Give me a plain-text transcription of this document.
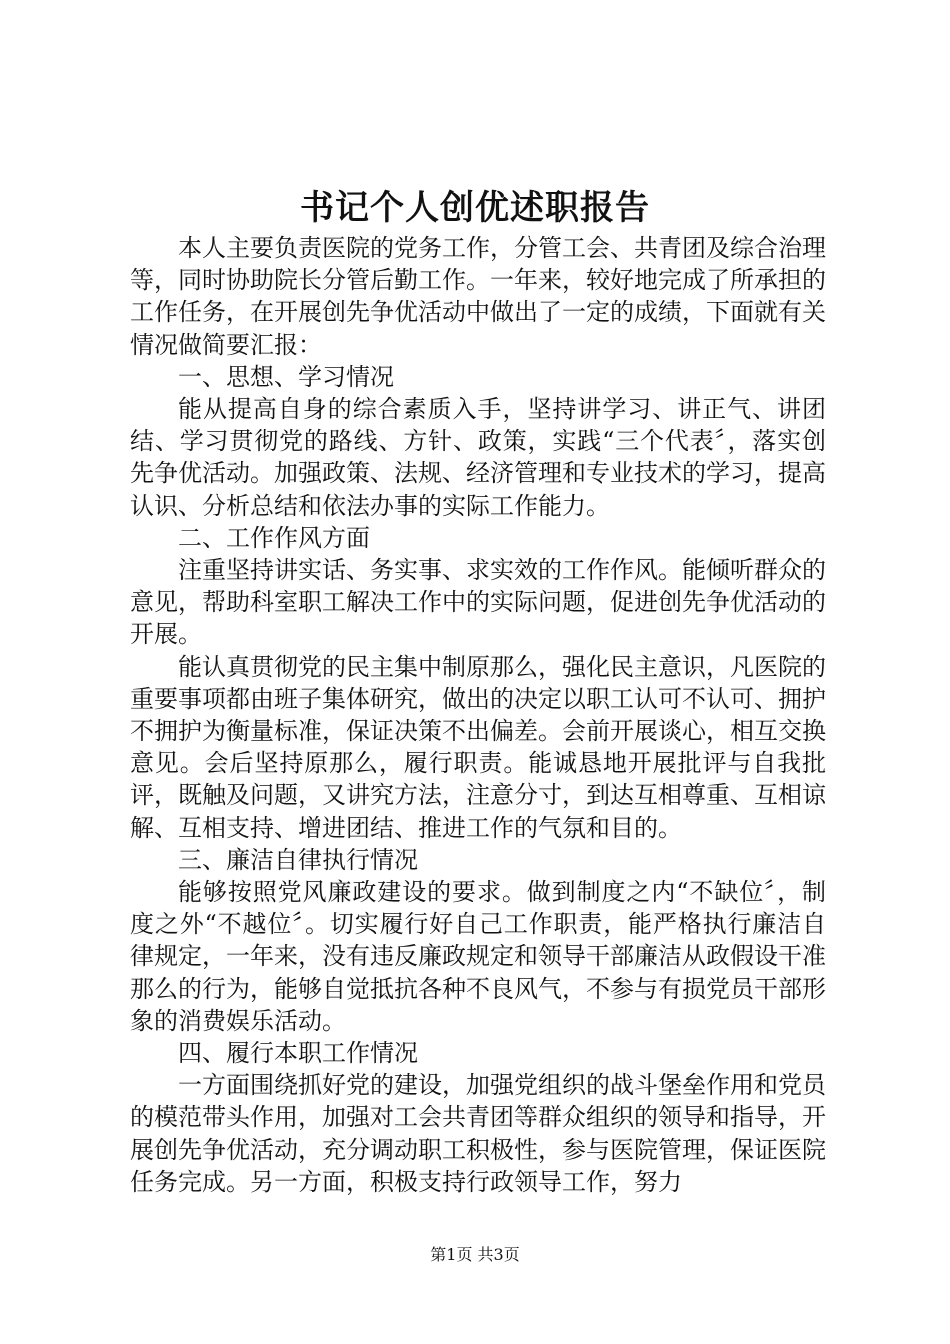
书记个人创优述职报告

本人主要负责医院的党务工作，分管工会、共青团及综合治理等，同时协助院长分管后勤工作。一年来，较好地完成了所承担的工作任务，在开展创先争优活动中做出了一定的成绩，下面就有关情况做简要汇报：

一、思想、学习情况

能从提高自身的综合素质入手，坚持讲学习、讲正气、讲团结、学习贯彻党的路线、方针、政策，实践“三个代表〞，落实创先争优活动。加强政策、法规、经济管理和专业技术的学习，提高认识、分析总结和依法办事的实际工作能力。

二、工作作风方面

注重坚持讲实话、务实事、求实效的工作作风。能倾听群众的意见，帮助科室职工解决工作中的实际问题，促进创先争优活动的开展。

能认真贯彻党的民主集中制原那么，强化民主意识，凡医院的重要事项都由班子集体研究，做出的决定以职工认可不认可、拥护不拥护为衡量标准，保证决策不出偏差。会前开展谈心，相互交换意见。会后坚持原那么，履行职责。能诚恳地开展批评与自我批评，既触及问题，又讲究方法，注意分寸，到达互相尊重、互相谅解、互相支持、增进团结、推进工作的气氛和目的。

三、廉洁自律执行情况

能够按照党风廉政建设的要求。做到制度之内“不缺位〞，制度之外“不越位〞。切实履行好自己工作职责，能严格执行廉洁自律规定，一年来，没有违反廉政规定和领导干部廉洁从政假设干准那么的行为，能够自觉抵抗各种不良风气，不参与有损党员干部形象的消费娱乐活动。

四、履行本职工作情况

一方面围绕抓好党的建设，加强党组织的战斗堡垒作用和党员的模范带头作用，加强对工会共青团等群众组织的领导和指导，开展创先争优活动，充分调动职工积极性，参与医院管理，保证医院任务完成。另一方面，积极支持行政领导工作，努力

第1页 共3页
